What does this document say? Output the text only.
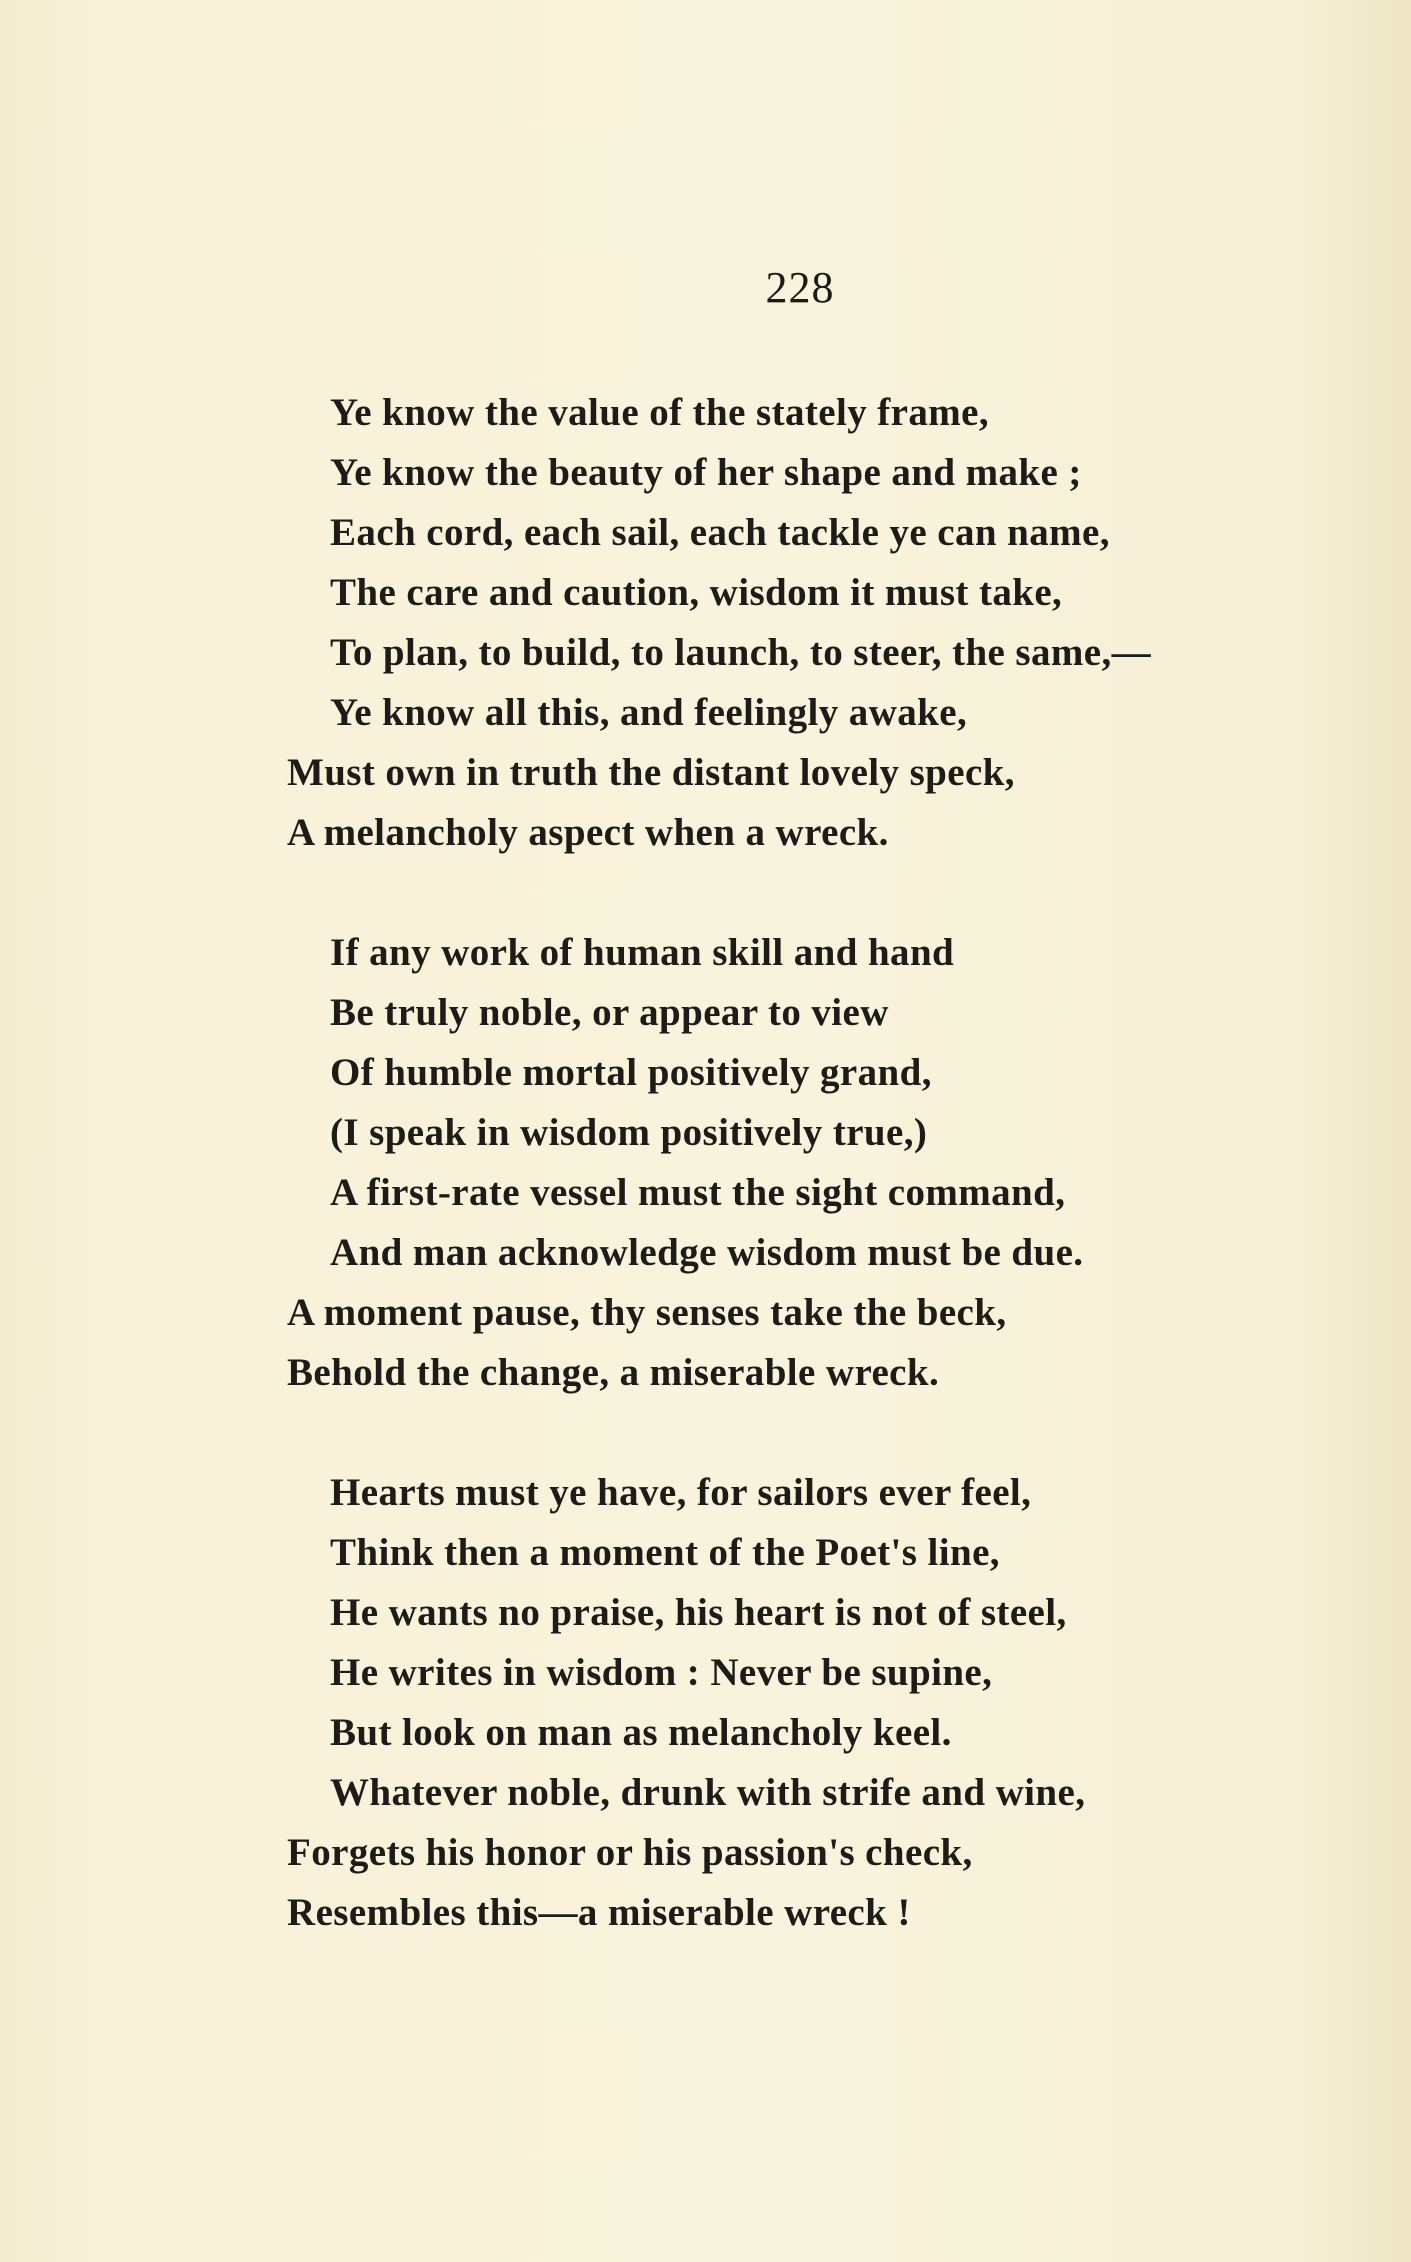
228
Ye know the value of the stately frame,
Ye know the beauty of her shape and make ;
Each cord, each sail, each tackle ye can name,
The care and caution, wisdom it must take,
To plan, to build, to launch, to steer, the same,—
Ye know all this, and feelingly awake,
Must own in truth the distant lovely speck,
A melancholy aspect when a wreck.
If any work of human skill and hand
Be truly noble, or appear to view
Of humble mortal positively grand,
(I speak in wisdom positively true,)
A first-rate vessel must the sight command,
And man acknowledge wisdom must be due.
A moment pause, thy senses take the beck,
Behold the change, a miserable wreck.
Hearts must ye have, for sailors ever feel,
Think then a moment of the Poet's line,
He wants no praise, his heart is not of steel,
He writes in wisdom : Never be supine,
But look on man as melancholy keel.
Whatever noble, drunk with strife and wine,
Forgets his honor or his passion's check,
Resembles this—a miserable wreck !
